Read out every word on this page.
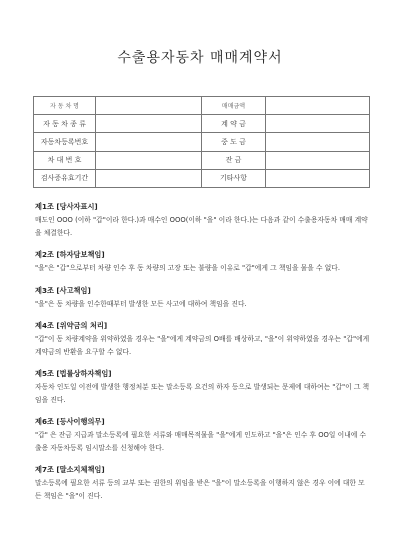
수출용자동차 매매계약서
자 동 차 명		매매금액	
자 동 차 종 류		계 약 금	
자동차등록번호		중 도 금	
차 대 번 호		잔 금	
검사증유효기간		기타사항	
제1조 [당사자표시]
매도인 OOO (이하 "갑"이라 한다.)과 매수인 OOO(이하 "을" 이라 한다.)는 다음과 같이 수출용자동차 매매 계약을 체결한다.
제2조 [하자담보책임]
"을"은 "갑"으로부터 차량 인수 후 동 차량의 고장 또는 불량을 이유로 "갑"에게 그 책임을 물을 수 없다.
제3조 [사고책임]
"을"은 동 차량을 인수한때부터 발생한 모든 사고에 대하여 책임을 진다.
제4조 [위약금의 처리]
"갑"이 동 차량계약을 위약하였을 경우는 "을"에게 계약금의 O배를 배상하고, "을"이 위약하였을 경우는 "갑"에게 계약금의 반환을 요구할 수 없다.
제5조 [법률상하자책임]
자동차 인도일 이전에 발생한 행정처분 또는 말소등록 요건의 하자 등으로 발생되는 문제에 대하여는 "갑"이 그 책임을 진다.
제6조 [등사이행의무]
"갑" 은 잔금 지급과 말소등록에 필요한 서류와 매매목적물을 "을"에게 인도하고 "을"은 인수 후 OO일 이내에 수출용 자동차등록 임시말소를 신청해야 한다.
제7조 [말소지체책임]
말소등록에 필요한 서류 등의 교부 또는 권한의 위임을 받은 "을"이 말소등록을 이행하지 않은 경우 이에 대한 모든 책임은 "을"이 진다.
